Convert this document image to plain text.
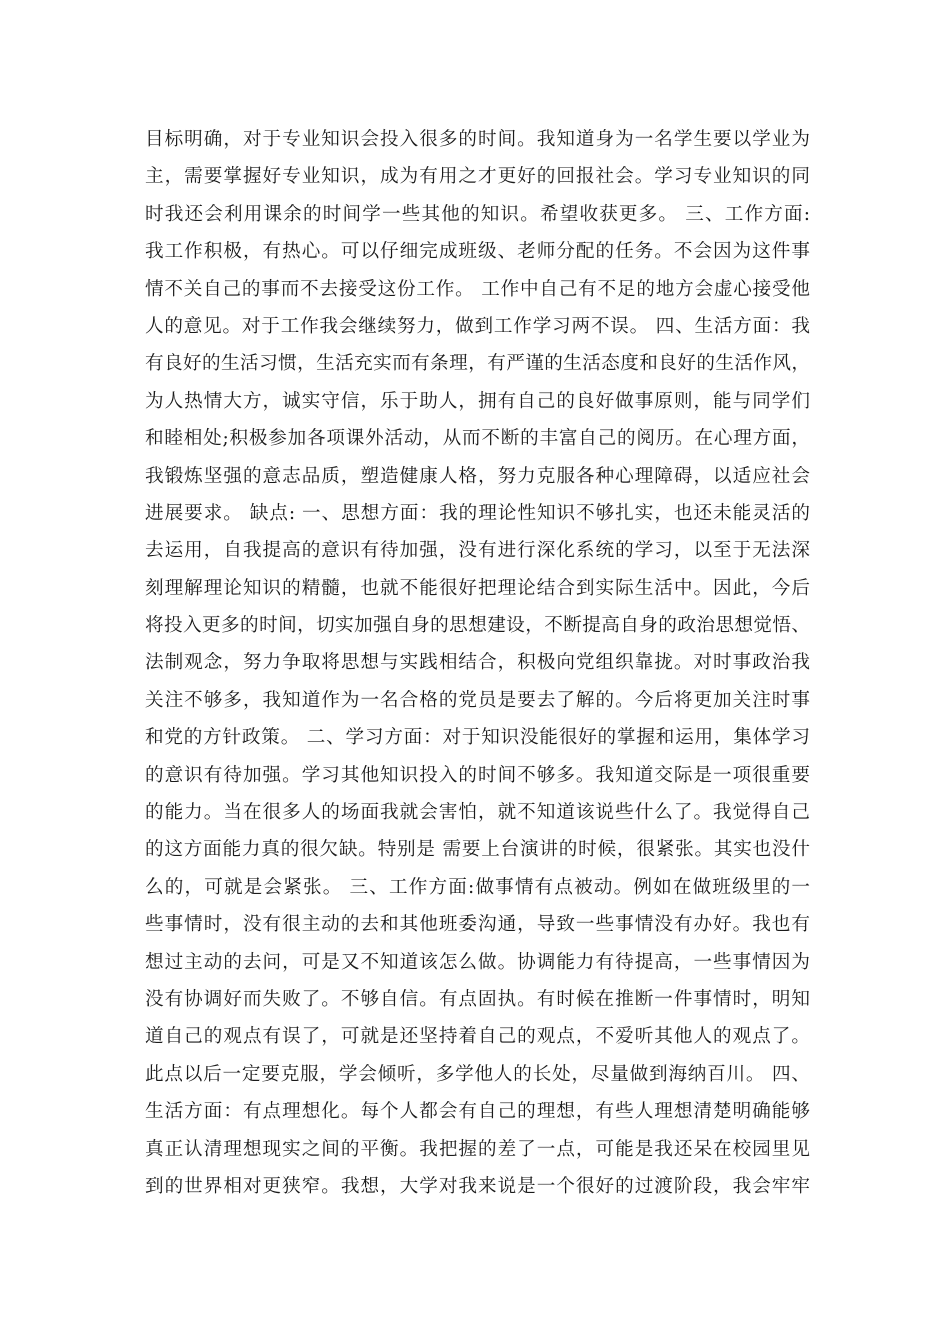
目标明确，对于专业知识会投入很多的时间。我知道身为一名学生要以学业为
主，需要掌握好专业知识，成为有用之才更好的回报社会。学习专业知识的同
时我还会利用课余的时间学一些其他的知识。希望收获更多。 三、工作方面:
我工作积极，有热心。可以仔细完成班级、老师分配的任务。不会因为这件事
情不关自己的事而不去接受这份工作。 工作中自己有不足的地方会虚心接受他
人的意见。对于工作我会继续努力，做到工作学习两不误。 四、生活方面：我
有良好的生活习惯，生活充实而有条理，有严谨的生活态度和良好的生活作风，
为人热情大方，诚实守信，乐于助人，拥有自己的良好做事原则，能与同学们
和睦相处;积极参加各项课外活动，从而不断的丰富自己的阅历。在心理方面，
我锻炼坚强的意志品质，塑造健康人格，努力克服各种心理障碍，以适应社会
进展要求。 缺点: 一、思想方面：我的理论性知识不够扎实，也还未能灵活的
去运用，自我提高的意识有待加强，没有进行深化系统的学习，以至于无法深
刻理解理论知识的精髓，也就不能很好把理论结合到实际生活中。因此，今后
将投入更多的时间，切实加强自身的思想建设，不断提高自身的政治思想觉悟、
法制观念，努力争取将思想与实践相结合，积极向党组织靠拢。对时事政治我
关注不够多，我知道作为一名合格的党员是要去了解的。今后将更加关注时事
和党的方针政策。 二、学习方面：对于知识没能很好的掌握和运用，集体学习
的意识有待加强。学习其他知识投入的时间不够多。我知道交际是一项很重要
的能力。当在很多人的场面我就会害怕，就不知道该说些什么了。我觉得自己
的这方面能力真的很欠缺。特别是 需要上台演讲的时候，很紧张。其实也没什
么的，可就是会紧张。 三、工作方面:做事情有点被动。例如在做班级里的一
些事情时，没有很主动的去和其他班委沟通，导致一些事情没有办好。我也有
想过主动的去问，可是又不知道该怎么做。协调能力有待提高，一些事情因为
没有协调好而失败了。不够自信。有点固执。有时候在推断一件事情时，明知
道自己的观点有误了，可就是还坚持着自己的观点，不爱听其他人的观点了。
此点以后一定要克服，学会倾听，多学他人的长处，尽量做到海纳百川。 四、
生活方面：有点理想化。每个人都会有自己的理想，有些人理想清楚明确能够
真正认清理想现实之间的平衡。我把握的差了一点，可能是我还呆在校园里见
到的世界相对更狭窄。我想，大学对我来说是一个很好的过渡阶段，我会牢牢
